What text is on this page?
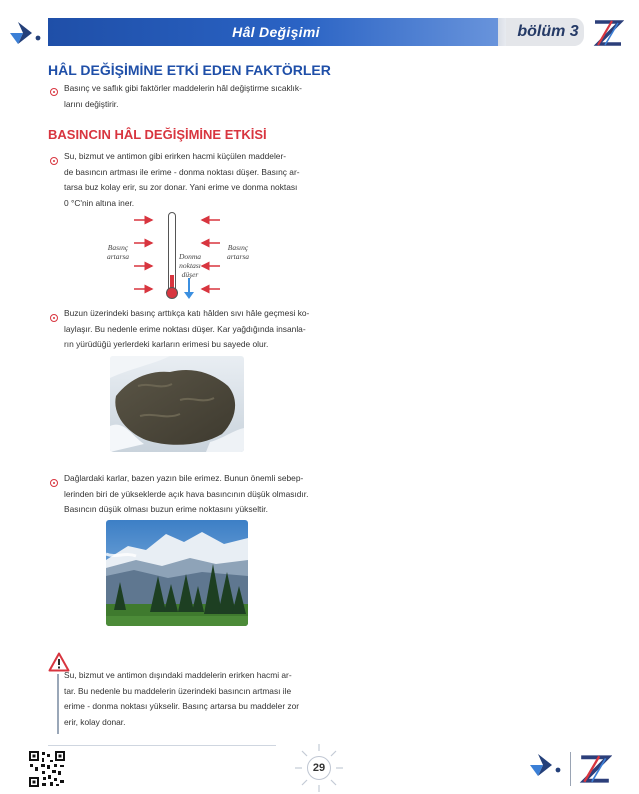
Hâl Değişimi	bölüm 3
HÂL DEĞİŞİMİNE ETKİ EDEN FAKTÖRLER
Basınç ve saflık gibi faktörler maddelerin hâl değiştirme sıcaklık-
larını değiştirir.
BASINCIN HÂL DEĞİŞİMİNE ETKİSİ
Su, bizmut ve antimon gibi erirken hacmi küçülen maddeler-
de basıncın artması ile erime - donma noktası düşer. Basınç ar-
tarsa buz kolay erir, su zor donar. Yani erime ve donma noktası
0 °C'nin altına iner.
Basınç
artarsa
Basınç
artarsa
Donma
noktası
düşer
Buzun üzerindeki basınç arttıkça katı hâlden sıvı hâle geçmesi ko-
laylaşır. Bu nedenle erime noktası düşer. Kar yağdığında insanla-
rın yürüdüğü yerlerdeki karların erimesi bu sayede olur.
Dağlardaki karlar, bazen yazın bile erimez. Bunun önemli sebep-
lerinden biri de yükseklerde açık hava basıncının düşük olmasıdır.
Basıncın düşük olması buzun erime noktasını yükseltir.
Su, bizmut ve antimon dışındaki maddelerin erirken hacmi ar-
tar. Bu nedenle bu maddelerin üzerindeki basıncın artması ile
erime - donma noktası yükselir. Basınç artarsa bu maddeler zor
erir, kolay donar.
29
